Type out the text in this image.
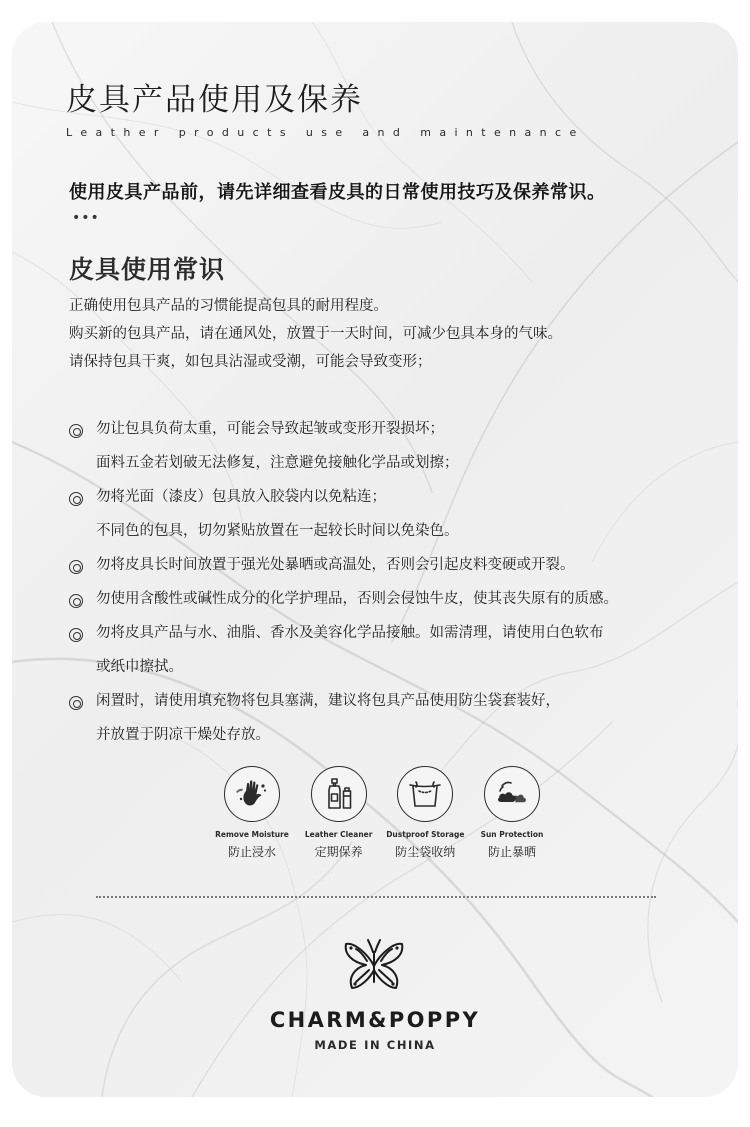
皮具产品使用及保养
Leather products use and maintenance
使用皮具产品前，请先详细查看皮具的日常使用技巧及保养常识。
•••
皮具使用常识

正确使用包具产品的习惯能提高包具的耐用程度。

购买新的包具产品，请在通风处，放置于一天时间，可减少包具本身的气味。

请保持包具干爽，如包具沾湿或受潮，可能会导致变形；

勿让包具负荷太重，可能会导致起皱或变形开裂损坏；

面料五金若划破无法修复，注意避免接触化学品或划擦；

勿将光面（漆皮）包具放入胶袋内以免粘连；

不同色的包具，切勿紧贴放置在一起较长时间以免染色。

勿将皮具长时间放置于强光处暴晒或高温处，否则会引起皮料变硬或开裂。

勿使用含酸性或碱性成分的化学护理品，否则会侵蚀牛皮，使其丧失原有的质感。

勿将皮具产品与水、油脂、香水及美容化学品接触。如需清理，请使用白色软布

或纸巾擦拭。

闲置时，请使用填充物将包具塞满，建议将包具产品使用防尘袋套装好，

并放置于阴凉干燥处存放。

Remove Moisture
防止浸水
Leather Cleaner
定期保养
Dustproof Storage
防尘袋收纳
Sun Protection
防止暴晒
CHARM&POPPY
MADE IN CHINA
